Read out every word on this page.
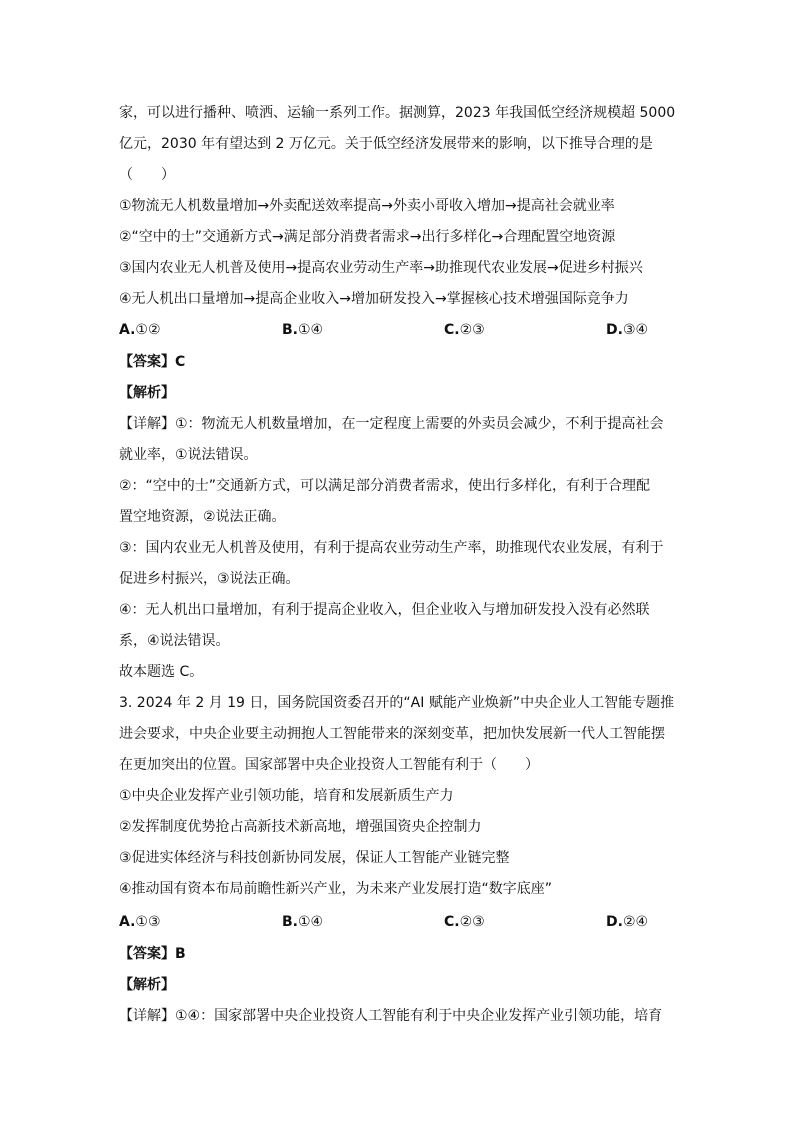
家，可以进行播种、喷洒、运输一系列工作。据测算，2023 年我国低空经济规模超 5000
亿元，2030 年有望达到 2 万亿元。关于低空经济发展带来的影响，以下推导合理的是
（　　）
①物流无人机数量增加→外卖配送效率提高→外卖小哥收入增加→提高社会就业率
②“空中的士”交通新方式→满足部分消费者需求→出行多样化→合理配置空地资源
③国内农业无人机普及使用→提高农业劳动生产率→助推现代农业发展→促进乡村振兴
④无人机出口量增加→提高企业收入→增加研发投入→掌握核心技术增强国际竞争力
A.①②	B.①④	C.②③	D.③④
【答案】C
【解析】
【详解】①：物流无人机数量增加，在一定程度上需要的外卖员会减少，不利于提高社会
就业率，①说法错误。
②：“空中的士”交通新方式，可以满足部分消费者需求，使出行多样化，有利于合理配
置空地资源，②说法正确。
③：国内农业无人机普及使用，有利于提高农业劳动生产率，助推现代农业发展，有利于
促进乡村振兴，③说法正确。
④：无人机出口量增加，有利于提高企业收入，但企业收入与增加研发投入没有必然联
系，④说法错误。
故本题选 C。
3. 2024 年 2 月 19 日，国务院国资委召开的“AI 赋能产业焕新”中央企业人工智能专题推
进会要求，中央企业要主动拥抱人工智能带来的深刻变革，把加快发展新一代人工智能摆
在更加突出的位置。国家部署中央企业投资人工智能有利于（　　）
①中央企业发挥产业引领功能，培育和发展新质生产力
②发挥制度优势抢占高新技术新高地，增强国资央企控制力
③促进实体经济与科技创新协同发展，保证人工智能产业链完整
④推动国有资本布局前瞻性新兴产业，为未来产业发展打造“数字底座”
A.①③	B.①④	C.②③	D.②④
【答案】B
【解析】
【详解】①④：国家部署中央企业投资人工智能有利于中央企业发挥产业引领功能，培育
